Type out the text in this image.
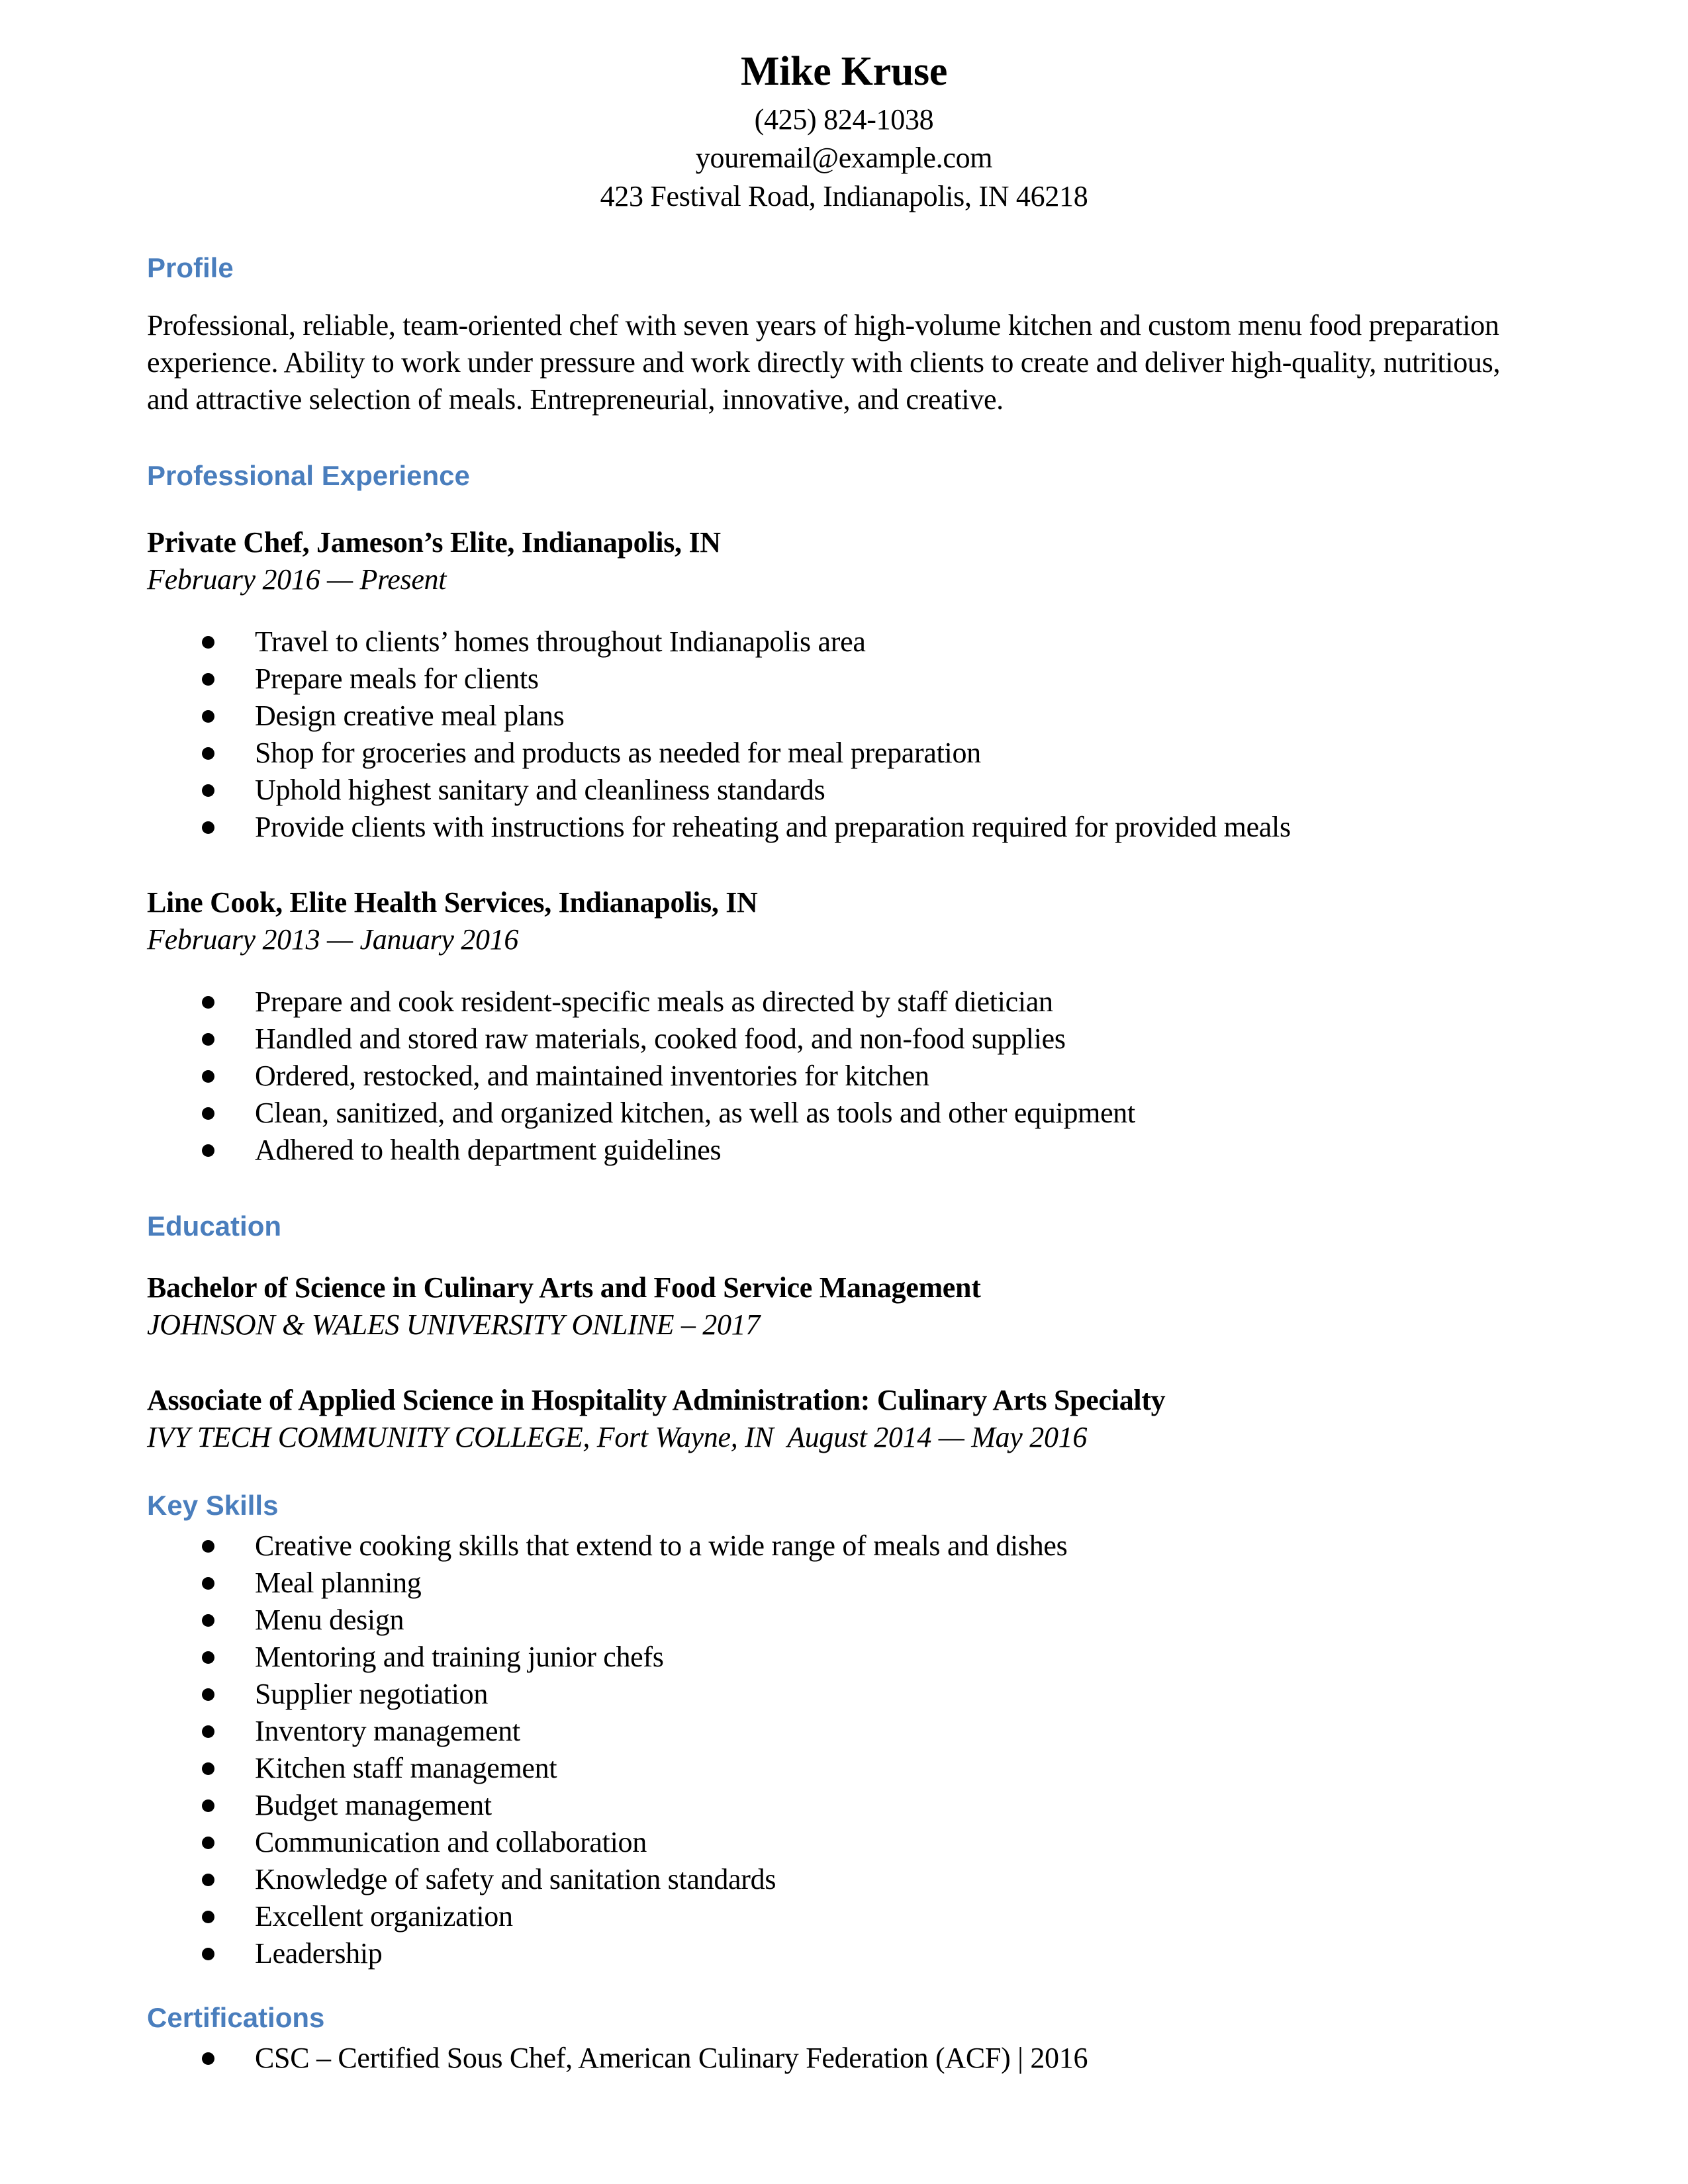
Mike Kruse
(425) 824-1038
youremail@example.com
423 Festival Road, Indianapolis, IN 46218
Profile

Professional, reliable, team-oriented chef with seven years of high-volume kitchen and custom menu food preparation experience. Ability to work under pressure and work directly with clients to create and deliver high-quality, nutritious, and attractive selection of meals. Entrepreneurial, innovative, and creative.

Professional Experience
Private Chef, Jameson’s Elite, Indianapolis, IN
February 2016 — Present
Travel to clients’ homes throughout Indianapolis area
Prepare meals for clients
Design creative meal plans
Shop for groceries and products as needed for meal preparation
Uphold highest sanitary and cleanliness standards
Provide clients with instructions for reheating and preparation required for provided meals
Line Cook, Elite Health Services, Indianapolis, IN
February 2013 — January 2016
Prepare and cook resident-specific meals as directed by staff dietician
Handled and stored raw materials, cooked food, and non-food supplies
Ordered, restocked, and maintained inventories for kitchen
Clean, sanitized, and organized kitchen, as well as tools and other equipment
Adhered to health department guidelines
Education
Bachelor of Science in Culinary Arts and Food Service Management
JOHNSON & WALES UNIVERSITY ONLINE – 2017
Associate of Applied Science in Hospitality Administration: Culinary Arts Specialty
IVY TECH COMMUNITY COLLEGE, Fort Wayne, IN  August 2014 — May 2016
Key Skills
Creative cooking skills that extend to a wide range of meals and dishes
Meal planning
Menu design
Mentoring and training junior chefs
Supplier negotiation
Inventory management
Kitchen staff management
Budget management
Communication and collaboration
Knowledge of safety and sanitation standards
Excellent organization
Leadership
Certifications
CSC – Certified Sous Chef, American Culinary Federation (ACF) | 2016
